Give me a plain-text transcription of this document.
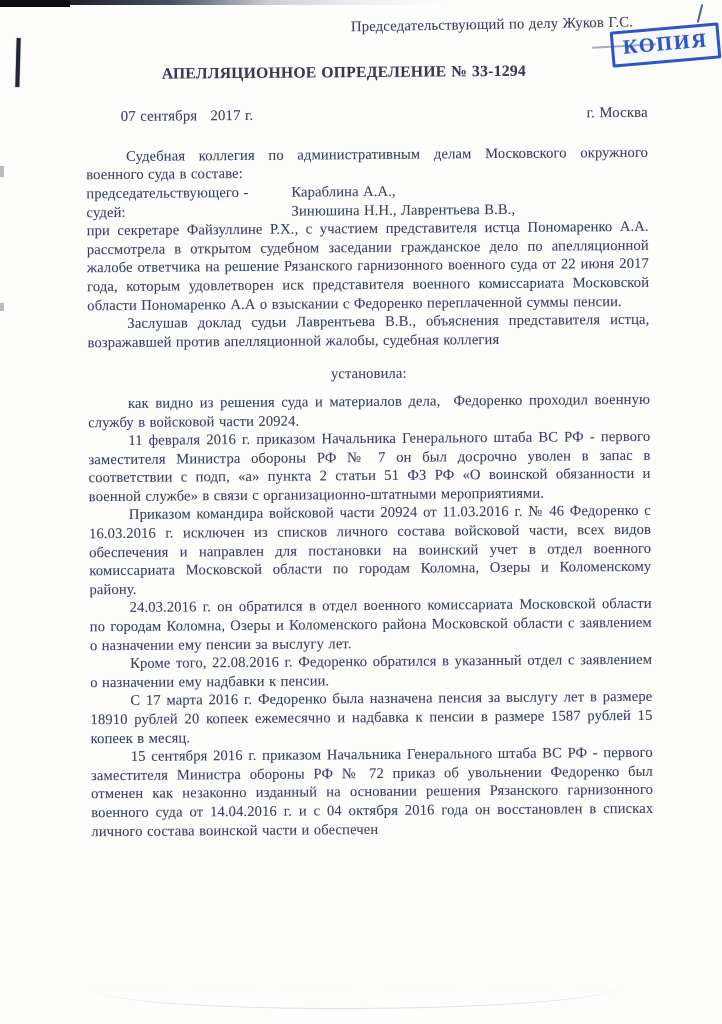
КОПИЯ
Председательствующий по делу Жуков Г.С.
АПЕЛЛЯЦИОННОЕ ОПРЕДЕЛЕНИЕ № 33-1294
07 сентября   2017 г.	г. Москва
Судебная коллегия по административным делам Московского окружного военного суда в составе:
председательствующего -	Караблина А.А.,
судей:	Зинюшина Н.Н., Лаврентьева В.В.,
при секретаре Файзуллине Р.Х., с участием представителя истца Пономаренко А.А. рассмотрела в открытом судебном заседании гражданское дело по апелляционной жалобе ответчика на решение Рязанского гарнизонного военного суда от 22 июня 2017 года, которым удовлетворен иск представителя военного комиссариата Московской области Пономаренко А.А о взыскании с Федоренко переплаченной суммы пенсии.
Заслушав доклад судьи Лаврентьева В.В., объяснения представителя истца, возражавшей против апелляционной жалобы, судебная коллегия
установила:
как видно из решения суда и материалов дела,  Федоренко проходил военную службу в войсковой части 20924.
11 февраля 2016 г. приказом Начальника Генерального штаба ВС РФ - первого заместителя Министра обороны РФ № 7 он был досрочно уволен в запас в соответствии с подп, «а» пункта 2 статьи 51 ФЗ РФ «О воинской обязанности и военной службе» в связи с организационно-штатными мероприятиями.
Приказом командира войсковой части 20924 от 11.03.2016 г. № 46 Федоренко с 16.03.2016 г. исключен из списков личного состава войсковой части, всех видов обеспечения и направлен для постановки на воинский учет в отдел военного комиссариата Московской области по городам Коломна, Озеры и Коломенскому району.
24.03.2016 г. он обратился в отдел военного комиссариата Московской области по городам Коломна, Озеры и Коломенского района Московской области с заявлением о назначении ему пенсии за выслугу лет.
Кроме того, 22.08.2016 г. Федоренко обратился в указанный отдел с заявлением о назначении ему надбавки к пенсии.
С 17 марта 2016 г. Федоренко была назначена пенсия за выслугу лет в размере 18910 рублей 20 копеек ежемесячно и надбавка к пенсии в размере 1587 рублей 15 копеек в месяц.
15 сентября 2016 г. приказом Начальника Генерального штаба ВС РФ - первого заместителя Министра обороны РФ № 72 приказ об увольнении Федоренко был отменен как незаконно изданный на основании решения Рязанского гарнизонного военного суда от 14.04.2016 г. и с 04 октября 2016 года он восстановлен в списках личного состава воинской части и обеспечен
